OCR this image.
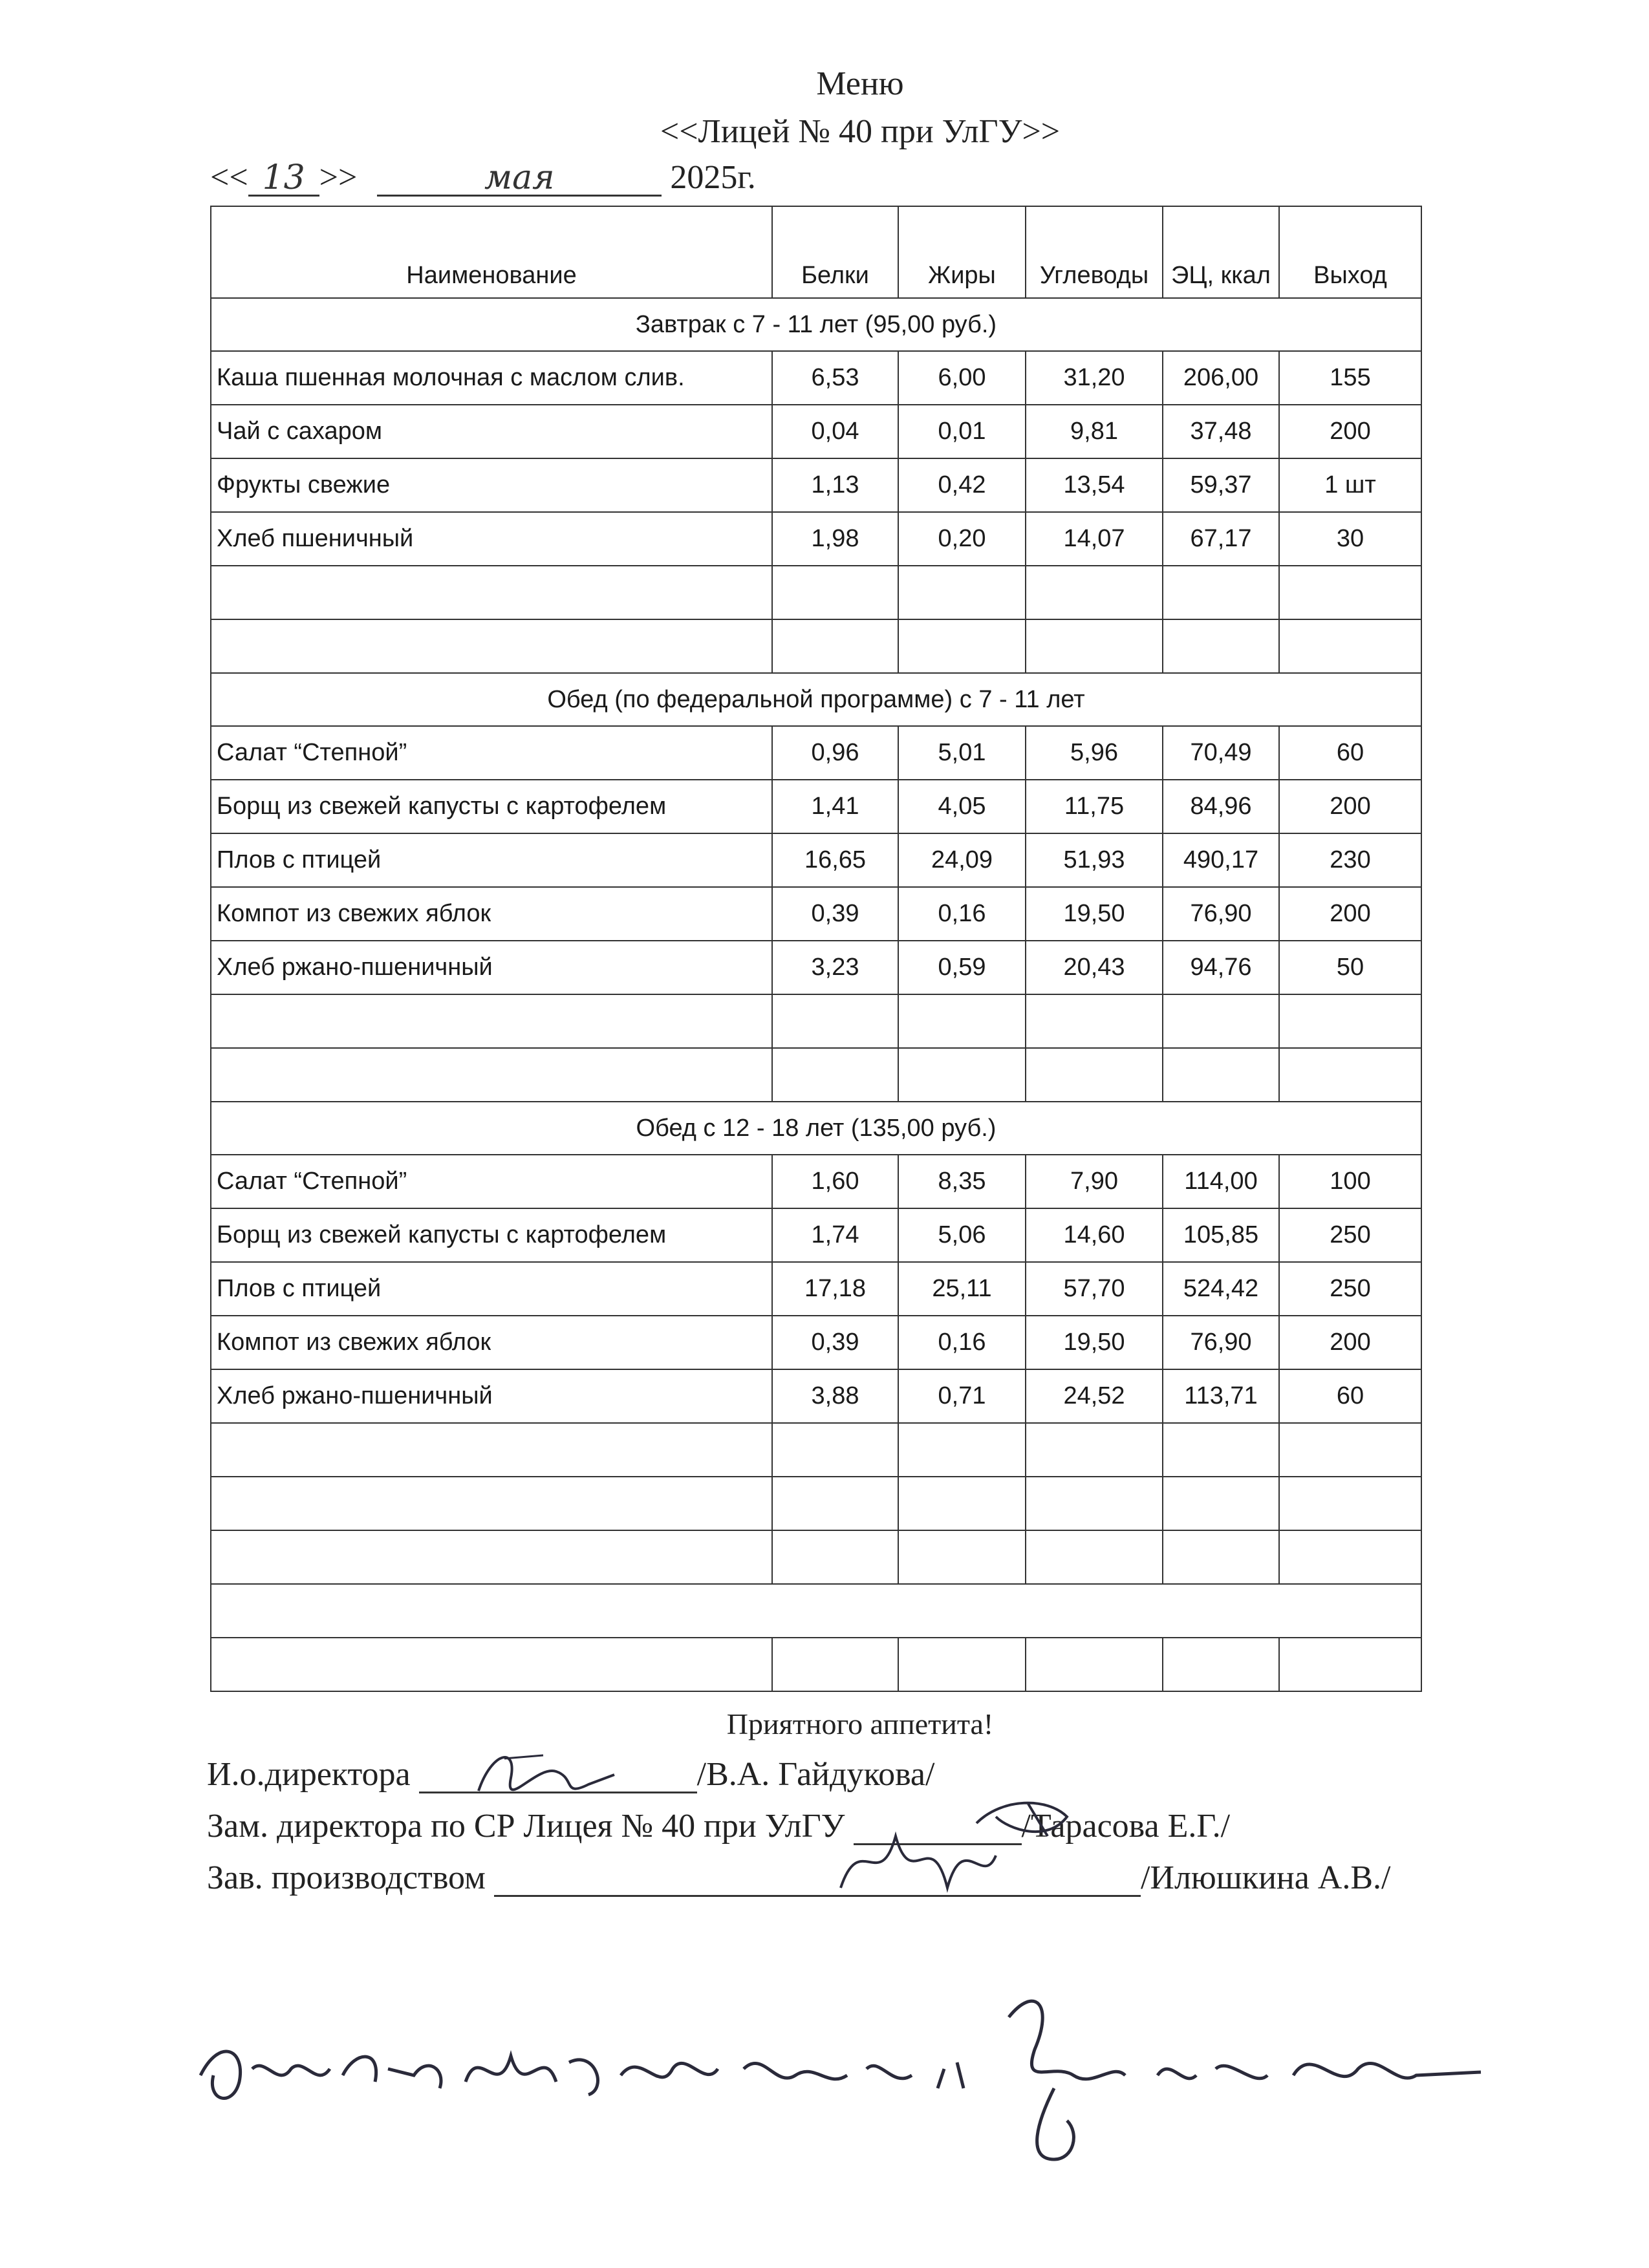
Меню
<<Лицей № 40 при УлГУ>>
<< 13 >>	мая	2025г.
Наименование	Белки	Жиры	Углеводы	ЭЦ, ккал	Выход
Завтрак с 7 - 11 лет (95,00 руб.)					
Каша пшенная молочная с маслом слив.	6,53	6,00	31,20	206,00	155
Чай с сахаром	0,04	0,01	9,81	37,48	200
Фрукты свежие	1,13	0,42	13,54	59,37	1 шт
Хлеб пшеничный	1,98	0,20	14,07	67,17	30

Обед (по федеральной программе) с 7 - 11 лет					
Салат “Степной”	0,96	5,01	5,96	70,49	60
Борщ из свежей капусты с картофелем	1,41	4,05	11,75	84,96	200
Плов с птицей	16,65	24,09	51,93	490,17	230
Компот из свежих яблок	0,39	0,16	19,50	76,90	200
Хлеб ржано-пшеничный	3,23	0,59	20,43	94,76	50

Обед с 12 - 18 лет (135,00 руб.)					
Салат “Степной”	1,60	8,35	7,90	114,00	100
Борщ из свежей капусты с картофелем	1,74	5,06	14,60	105,85	250
Плов с птицей	17,18	25,11	57,70	524,42	250
Компот из свежих яблок	0,39	0,16	19,50	76,90	200
Хлеб ржано-пшеничный	3,88	0,71	24,52	113,71	60

Приятного аппетита!
И.о.директора	/В.А. Гайдукова/
Зам. директора по СР Лицея № 40 при УлГУ	/Тарасова Е.Г./
Зав. производством	/Илюшкина А.В./
